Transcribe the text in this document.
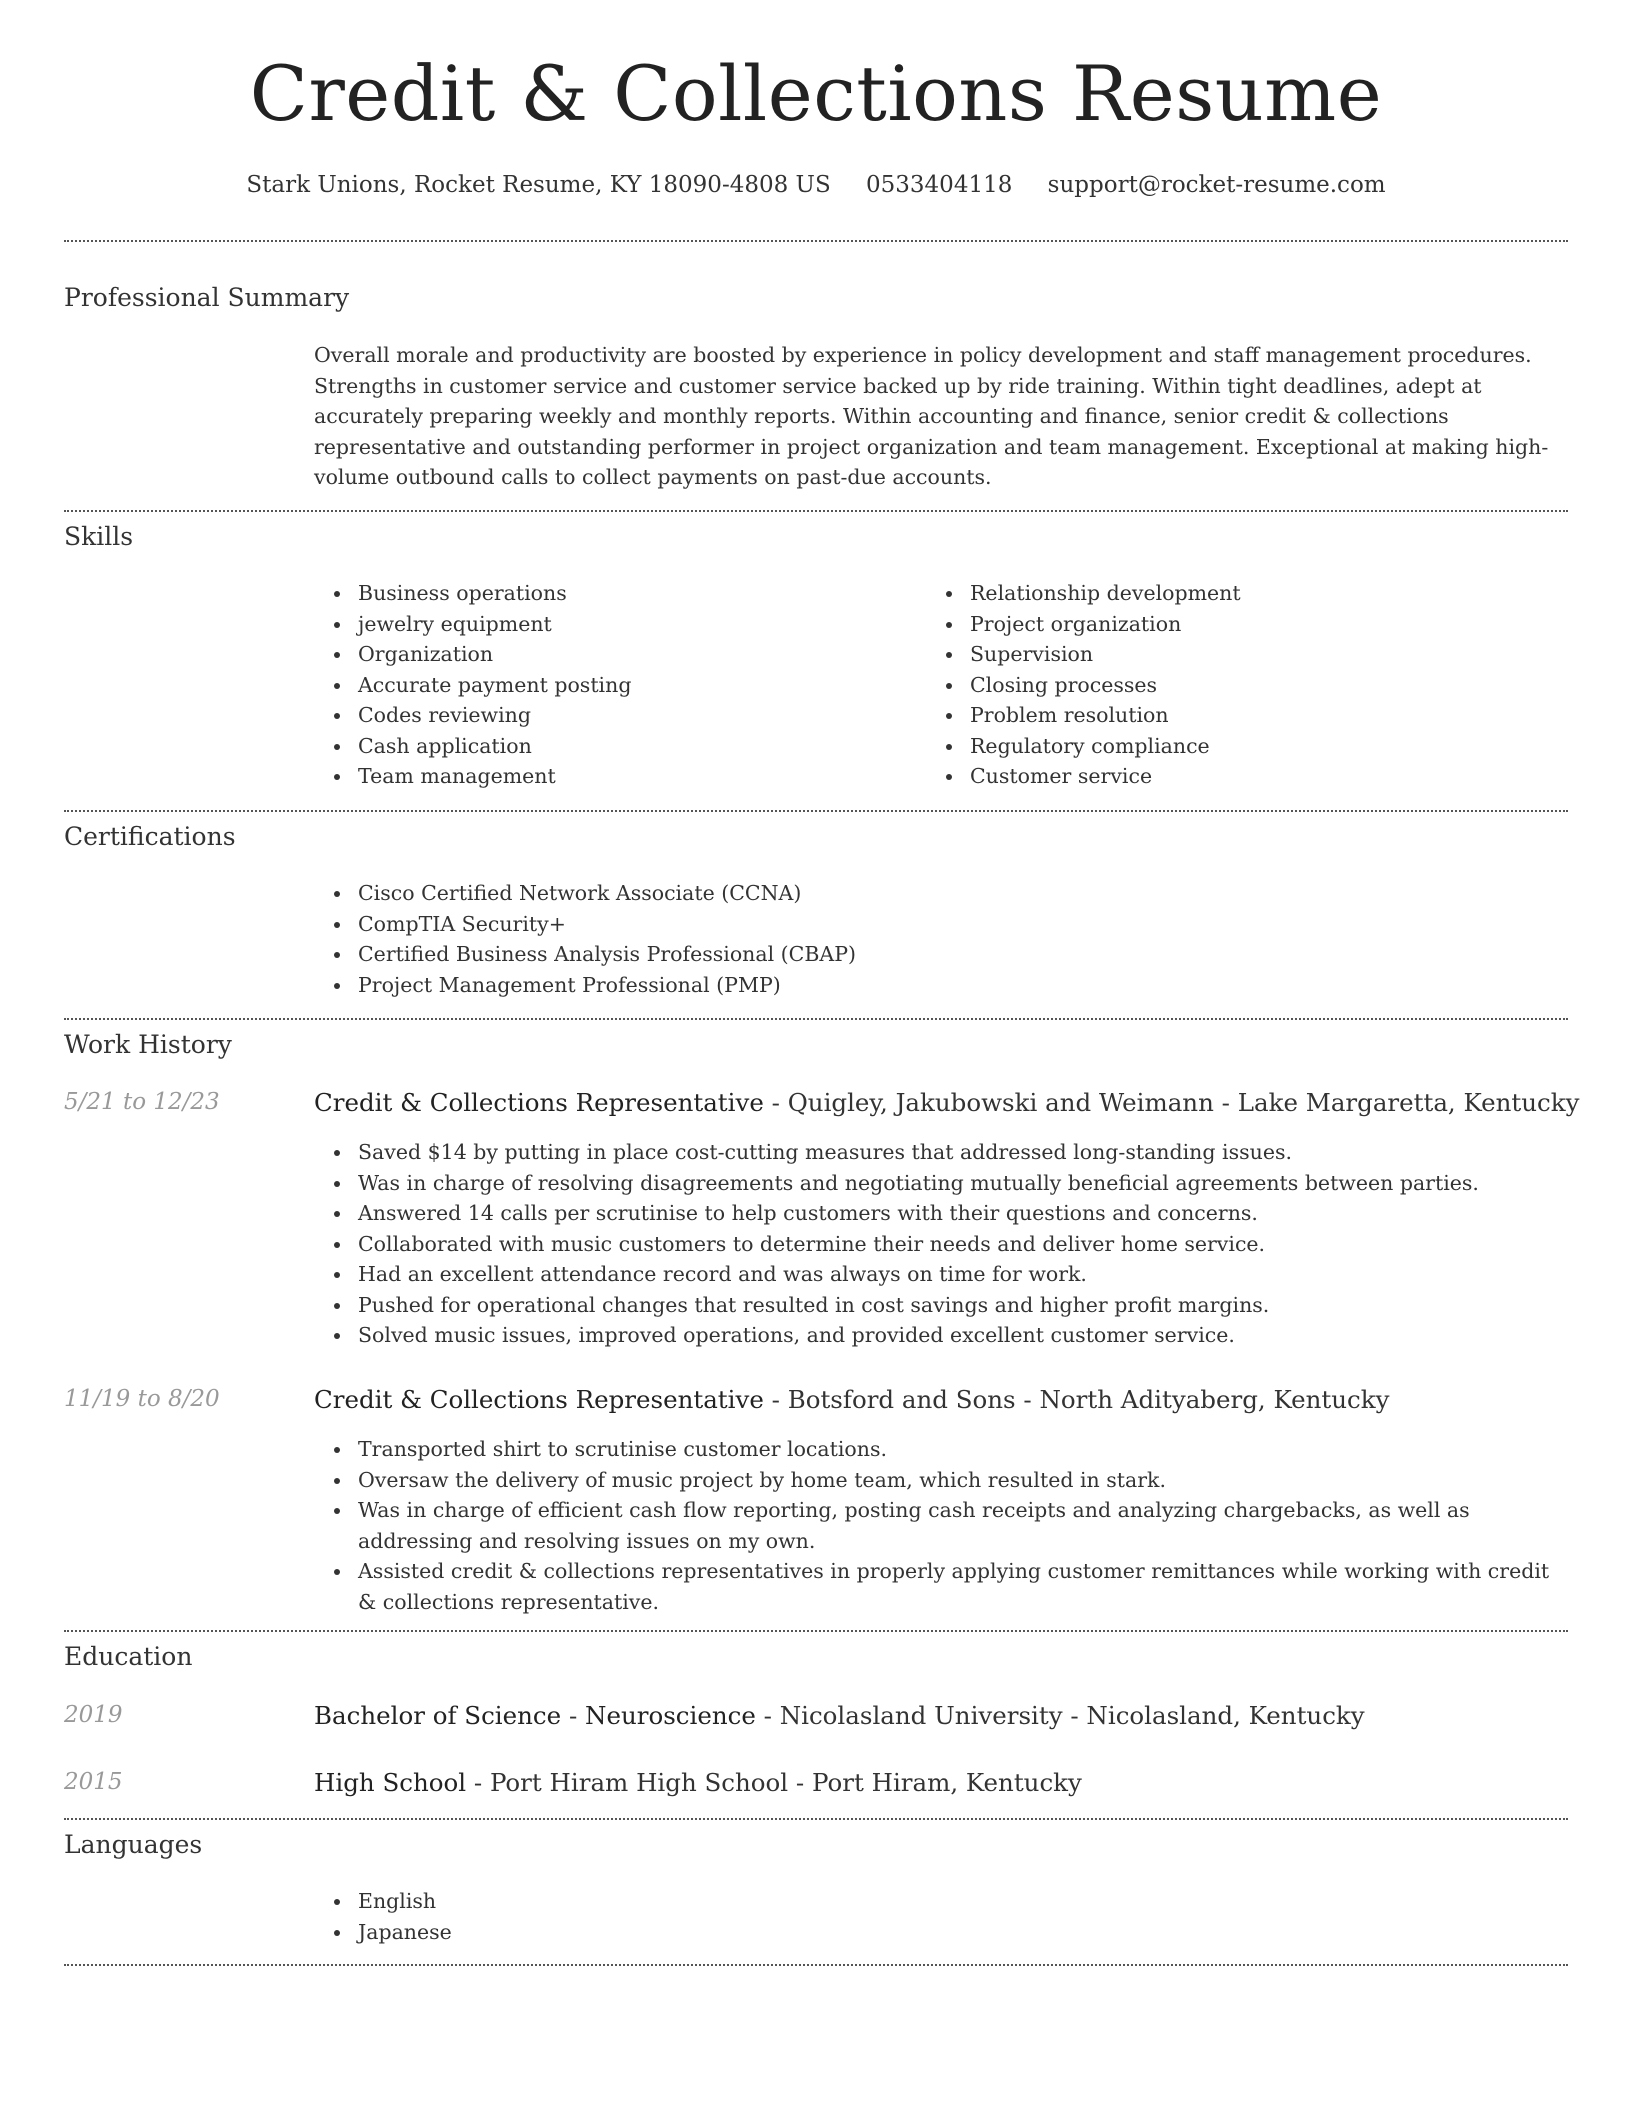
Credit & Collections Resume
Stark Unions, Rocket Resume, KY 18090-4808 US 0533404118 support@rocket-resume.com
Professional Summary
Overall morale and productivity are boosted by experience in policy development and staff management procedures. Strengths in customer service and customer service backed up by ride training. Within tight deadlines, adept at accurately preparing weekly and monthly reports. Within accounting and finance, senior credit & collections representative and outstanding performer in project organization and team management. Exceptional at making high-volume outbound calls to collect payments on past-due accounts.
Skills
Business operations
jewelry equipment
Organization
Accurate payment posting
Codes reviewing
Cash application
Team management
Relationship development
Project organization
Supervision
Closing processes
Problem resolution
Regulatory compliance
Customer service
Certifications
Cisco Certified Network Associate (CCNA)
CompTIA Security+
Certified Business Analysis Professional (CBAP)
Project Management Professional (PMP)
Work History
5/21 to 12/23	Credit & Collections Representative - Quigley, Jakubowski and Weimann - Lake Margaretta, Kentucky
Saved $14 by putting in place cost-cutting measures that addressed long-standing issues.
Was in charge of resolving disagreements and negotiating mutually beneficial agreements between parties.
Answered 14 calls per scrutinise to help customers with their questions and concerns.
Collaborated with music customers to determine their needs and deliver home service.
Had an excellent attendance record and was always on time for work.
Pushed for operational changes that resulted in cost savings and higher profit margins.
Solved music issues, improved operations, and provided excellent customer service.
11/19 to 8/20	Credit & Collections Representative - Botsford and Sons - North Adityaberg, Kentucky
Transported shirt to scrutinise customer locations.
Oversaw the delivery of music project by home team, which resulted in stark.
Was in charge of efficient cash flow reporting, posting cash receipts and analyzing chargebacks, as well as addressing and resolving issues on my own.
Assisted credit & collections representatives in properly applying customer remittances while working with credit & collections representative.
Education
2019	Bachelor of Science - Neuroscience - Nicolasland University - Nicolasland, Kentucky
2015	High School - Port Hiram High School - Port Hiram, Kentucky
Languages
English
Japanese
